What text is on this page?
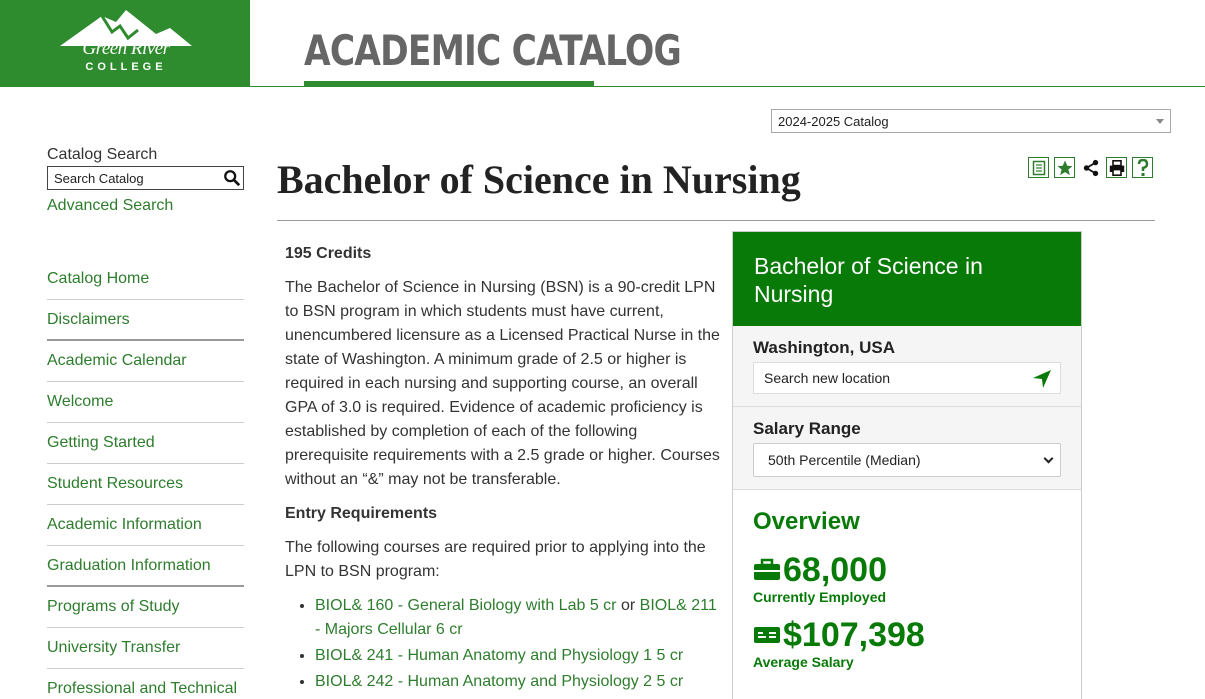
Green River
COLLEGE	ACADEMIC CATALOG
2024-2025 Catalog
Catalog Search
Search Catalog
Advanced Search
Catalog Home
Disclaimers
Academic Calendar
Welcome
Getting Started
Student Resources
Academic Information
Graduation Information
Programs of Study
University Transfer
Professional and Technical
Bachelor of Science in Nursing
195 Credits

The Bachelor of Science in Nursing (BSN) is a 90-credit LPN to BSN program in which students must have current, unencumbered licensure as a Licensed Practical Nurse in the state of Washington. A minimum grade of 2.5 or higher is required in each nursing and supporting course, an overall GPA of 3.0 is required. Evidence of academic proficiency is established by completion of each of the following prerequisite requirements with a 2.5 grade or higher. Courses without an “&” may not be transferable.

Entry Requirements

The following courses are required prior to applying into the LPN to BSN program:

• BIOL& 160 - General Biology with Lab 5 cr or BIOL& 211 - Majors Cellular 6 cr
• BIOL& 241 - Human Anatomy and Physiology 1 5 cr
• BIOL& 242 - Human Anatomy and Physiology 2 5 cr
Bachelor of Science in Nursing
Washington, USA
Search new location
Salary Range
50th Percentile (Median)
Overview
68,000
Currently Employed
$107,398
Average Salary
